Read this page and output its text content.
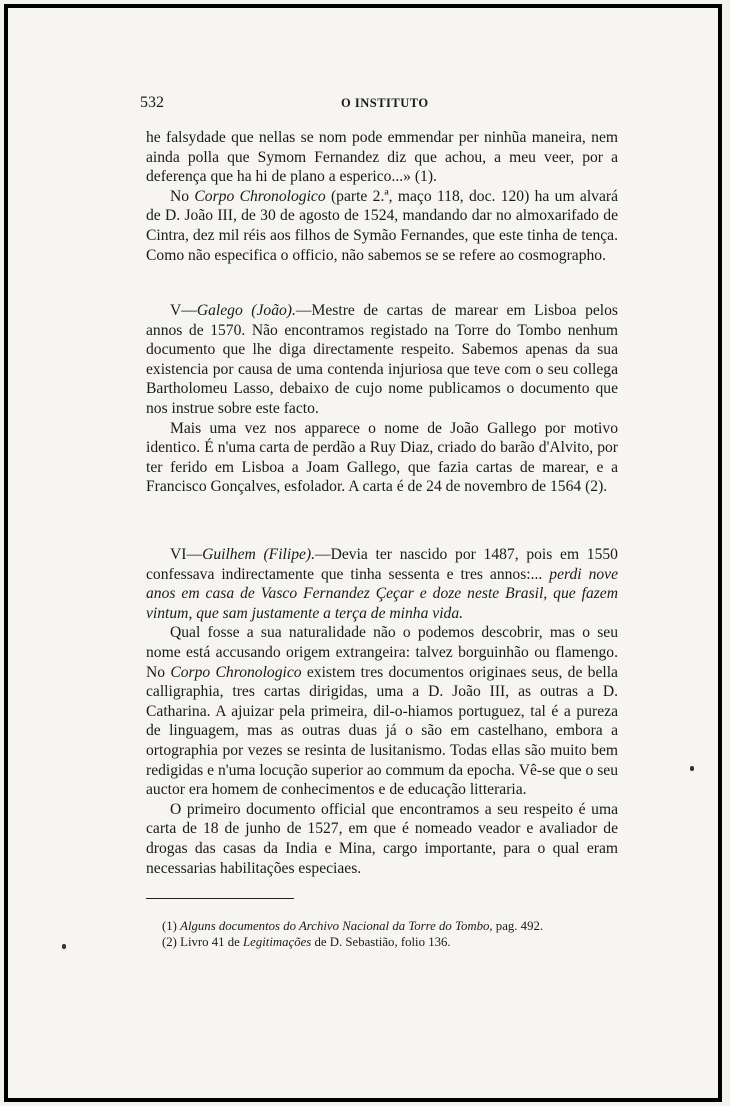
532	O INSTITUTO

he falsydade que nellas se nom pode emmendar per ninhũa maneira, nem ainda polla que Symom Fernandez diz que achou, a meu veer, por a deferença que ha hi de plano a esperico...» (1).

No Corpo Chronologico (parte 2.ª, maço 118, doc. 120) ha um alvará de D. João III, de 30 de agosto de 1524, mandando dar no almoxarifado de Cintra, dez mil réis aos filhos de Symão Fernandes, que este tinha de tença. Como não especifica o officio, não sabemos se se refere ao cosmographo.

V—Galego (João).—Mestre de cartas de marear em Lisboa pelos annos de 1570. Não encontramos registado na Torre do Tombo nenhum documento que lhe diga directamente respeito. Sabemos apenas da sua existencia por causa de uma contenda injuriosa que teve com o seu collega Bartholomeu Lasso, debaixo de cujo nome publicamos o documento que nos instrue sobre este facto.

Mais uma vez nos apparece o nome de João Gallego por motivo identico. É n'uma carta de perdão a Ruy Diaz, criado do barão d'Alvito, por ter ferido em Lisboa a Joam Gallego, que fazia cartas de marear, e a Francisco Gonçalves, esfolador. A carta é de 24 de novembro de 1564 (2).

VI—Guilhem (Filipe).—Devia ter nascido por 1487, pois em 1550 confessava indirectamente que tinha sessenta e tres annos:... perdi nove anos em casa de Vasco Fernandez Çeçar e doze neste Brasil, que fazem vintum, que sam justamente a terça de minha vida.

Qual fosse a sua naturalidade não o podemos descobrir, mas o seu nome está accusando origem extrangeira: talvez borguinhão ou flamengo. No Corpo Chronologico existem tres documentos originaes seus, de bella calligraphia, tres cartas dirigidas, uma a D. João III, as outras a D. Catharina. A ajuizar pela primeira, dil-o-hiamos portuguez, tal é a pureza de linguagem, mas as outras duas já o são em castelhano, embora a ortographia por vezes se resinta de lusitanismo. Todas ellas são muito bem redigidas e n'uma locução superior ao commum da epocha. Vê-se que o seu auctor era homem de conhecimentos e de educação litteraria.

O primeiro documento official que encontramos a seu respeito é uma carta de 18 de junho de 1527, em que é nomeado veador e avaliador de drogas das casas da India e Mina, cargo importante, para o qual eram necessarias habilitações especiaes.

(1) Alguns documentos do Archivo Nacional da Torre do Tombo, pag. 492.
(2) Livro 41 de Legitimações de D. Sebastião, folio 136.
